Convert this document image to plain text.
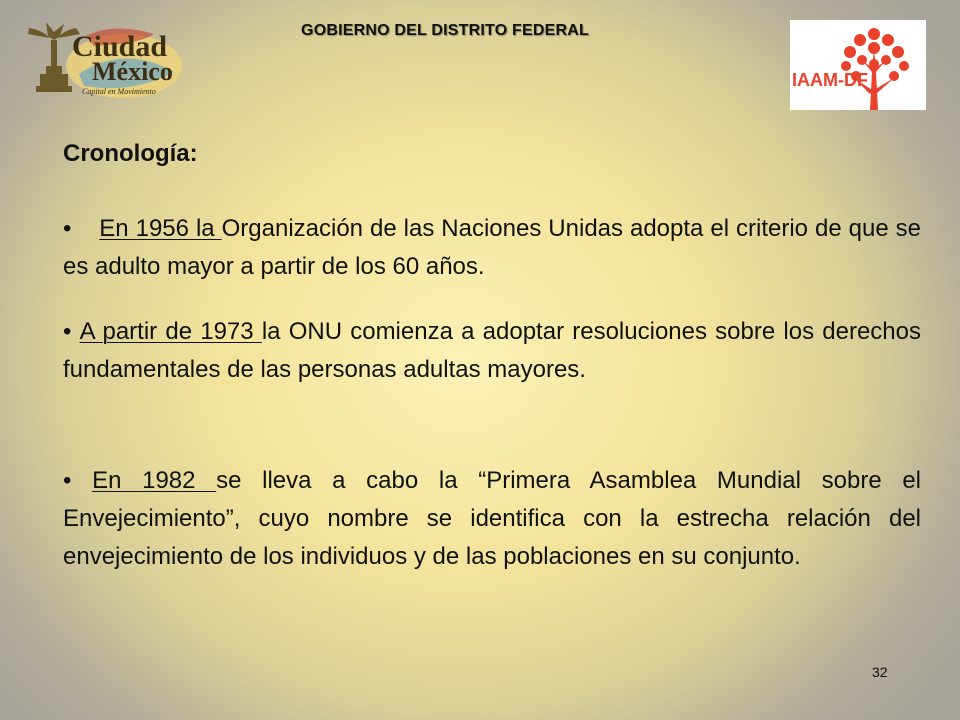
GOBIERNO DEL DISTRITO FEDERAL
Ciudad
México
Capital en Movimiento
IAAM-DF
Cronología:
• En 1956 la Organización de las Naciones Unidas adopta el criterio de que se es adulto mayor a partir de los 60 años.
• A partir de 1973 la ONU comienza a adoptar resoluciones sobre los derechos fundamentales de las personas adultas mayores.
• En 1982 se lleva a cabo la “Primera Asamblea Mundial sobre el Envejecimiento”, cuyo nombre se identifica con la estrecha relación del envejecimiento de los individuos y de las poblaciones en su conjunto.
32
